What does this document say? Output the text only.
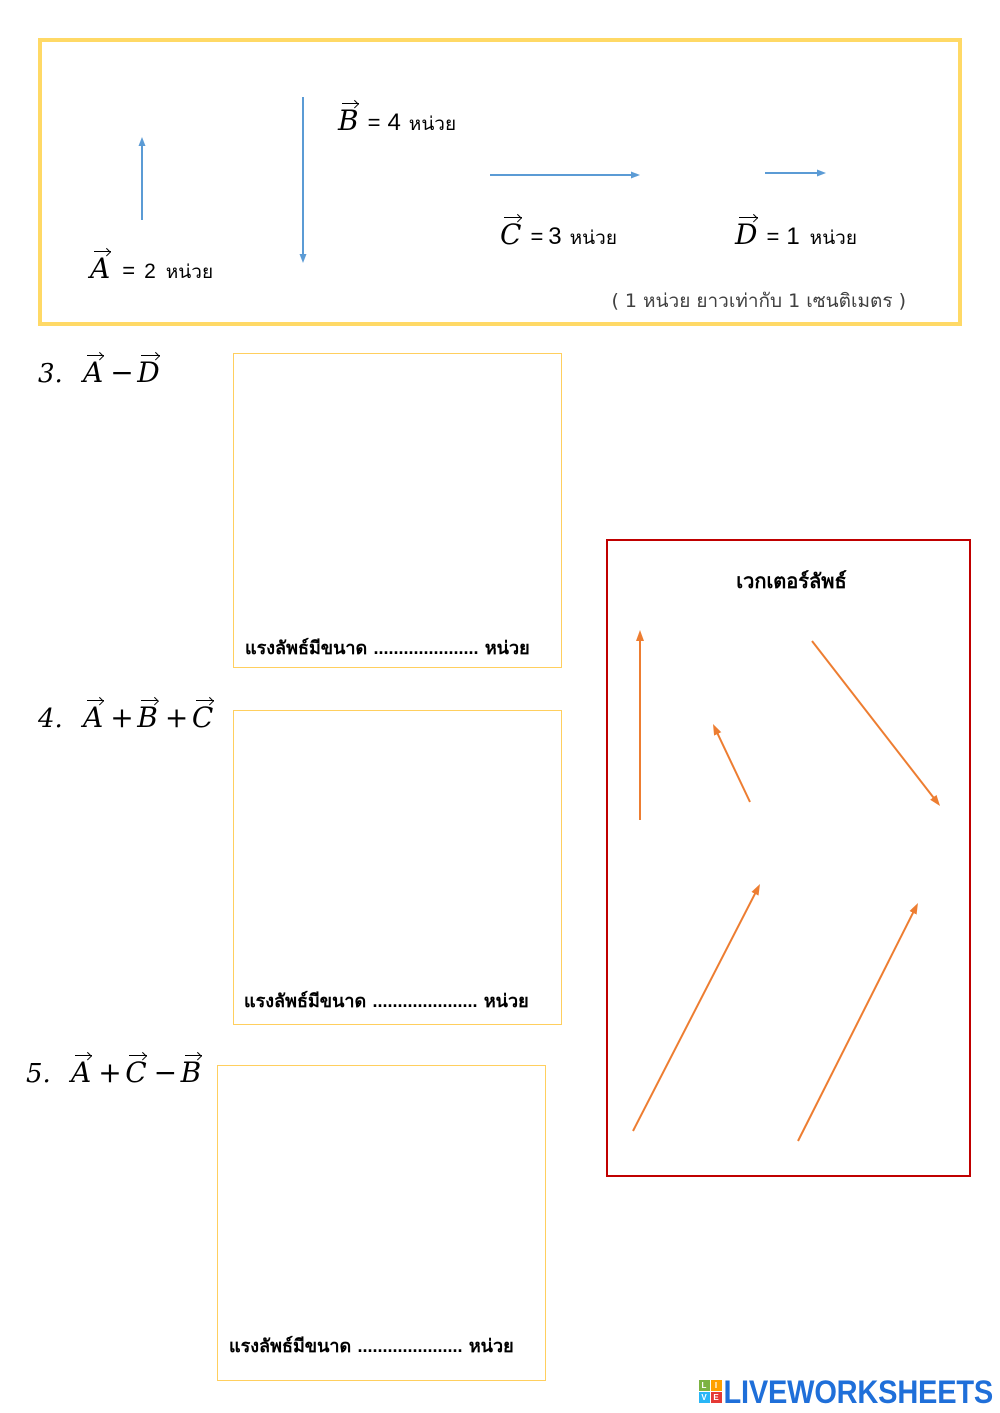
A = 2 หน่วย
B = 4 หน่วย
C = 3 หน่วย	D = 1 หน่วย
( 1 หน่วย ยาวเท่ากับ 1 เซนติเมตร )
3. A − D
แรงลัพธ์มีขนาด ..................... หน่วย
4. A + B + C
แรงลัพธ์มีขนาด ..................... หน่วย
5. A + C − B
แรงลัพธ์มีขนาด ..................... หน่วย
เวกเตอร์ลัพธ์
L	I
V E LIVEWORKSHEETS
